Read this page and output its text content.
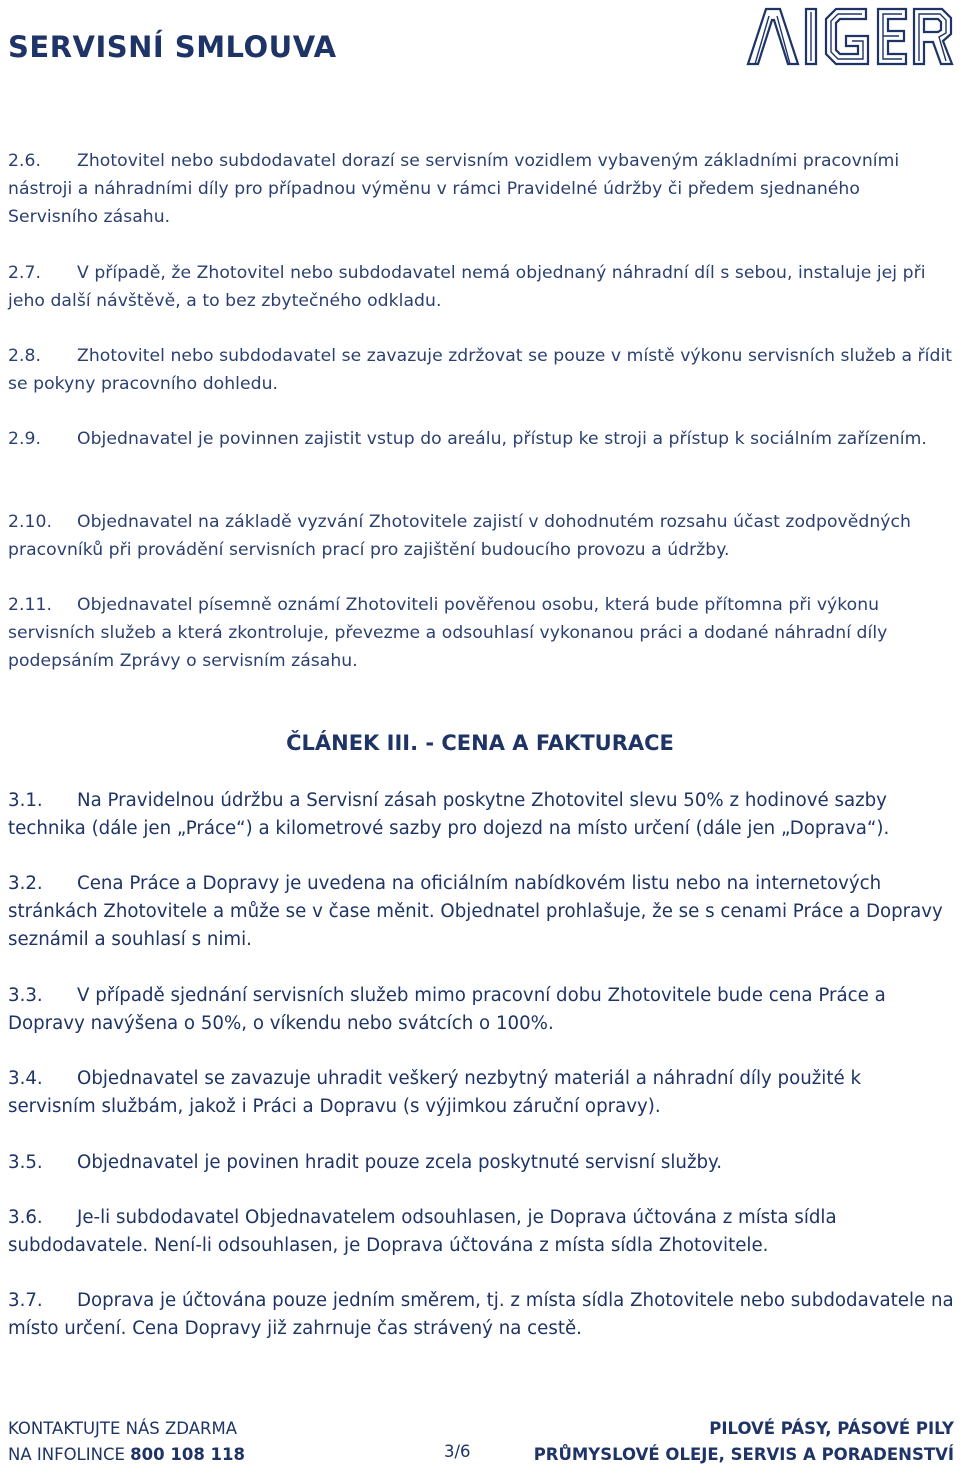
SERVISNÍ SMLOUVA
2.6. Zhotovitel nebo subdodavatel dorazí se servisním vozidlem vybaveným základními pracovními nástroji a náhradními díly pro případnou výměnu v rámci Pravidelné údržby či předem sjednaného Servisního zásahu.
2.7. V případě, že Zhotovitel nebo subdodavatel nemá objednaný náhradní díl s sebou, instaluje jej při jeho další návštěvě, a to bez zbytečného odkladu.
2.8. Zhotovitel nebo subdodavatel se zavazuje zdržovat se pouze v místě výkonu servisních služeb a řídit se pokyny pracovního dohledu.
2.9. Objednavatel je povinnen zajistit vstup do areálu, přístup ke stroji a přístup k sociálním zařízením.
2.10. Objednavatel na základě vyzvání Zhotovitele zajistí v dohodnutém rozsahu účast zodpovědných pracovníků při provádění servisních prací pro zajištění budoucího provozu a údržby.
2.11. Objednavatel písemně oznámí Zhotoviteli pověřenou osobu, která bude přítomna při výkonu servisních služeb a která zkontroluje, převezme a odsouhlasí vykonanou práci a dodané náhradní díly podepsáním Zprávy o servisním zásahu.
ČLÁNEK III. - CENA A FAKTURACE
3.1. Na Pravidelnou údržbu a Servisní zásah poskytne Zhotovitel slevu 50% z hodinové sazby technika (dále jen „Práce“) a kilometrové sazby pro dojezd na místo určení (dále jen „Doprava“).
3.2. Cena Práce a Dopravy je uvedena na oficiálním nabídkovém listu nebo na internetových stránkách Zhotovitele a může se v čase měnit. Objednatel prohlašuje, že se s cenami Práce a Dopravy seznámil a souhlasí s nimi.
3.3. V případě sjednání servisních služeb mimo pracovní dobu Zhotovitele bude cena Práce a Dopravy navýšena o 50%, o víkendu nebo svátcích o 100%.
3.4. Objednavatel se zavazuje uhradit veškerý nezbytný materiál a náhradní díly použité k servisním službám, jakož i Práci a Dopravu (s výjimkou záruční opravy).
3.5. Objednavatel je povinen hradit pouze zcela poskytnuté servisní služby.
3.6. Je-li subdodavatel Objednavatelem odsouhlasen, je Doprava účtována z místa sídla subdodavatele. Není-li odsouhlasen, je Doprava účtována z místa sídla Zhotovitele.
3.7. Doprava je účtována pouze jedním směrem, tj. z místa sídla Zhotovitele nebo subdodavatele na místo určení. Cena Dopravy již zahrnuje čas strávený na cestě.
KONTAKTUJTE NÁS ZDARMA
NA INFOLINCE 800 108 118	3/6
PILOVÉ PÁSY, PÁSOVÉ PILY
PRŮMYSLOVÉ OLEJE, SERVIS A PORADENSTVÍ
